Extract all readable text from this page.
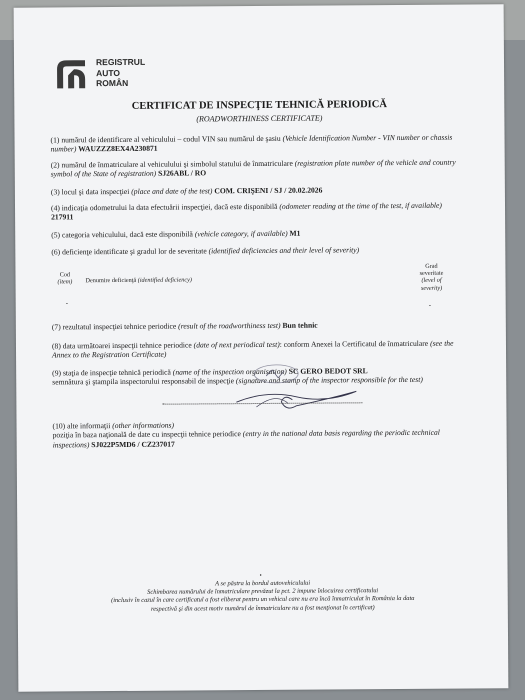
REGISTRUL
AUTO
ROMÂN
CERTIFICAT DE INSPECŢIE TEHNICĂ PERIODICĂ
(ROADWORTHINESS CERTIFICATE)
(1) numărul de identificare al vehiculului – codul VIN sau numărul de şasiu (Vehicle Identification Number - VIN number or chassis number) WAUZZZ8EX4A230871
(2) numărul de înmatriculare al vehiculului şi simbolul statului de înmatriculare (registration plate number of the vehicle and country symbol of the State of registration) SJ26ABL / RO
(3) locul şi data inspecţiei (place and date of the test) COM. CRIŞENI / SJ / 20.02.2026
(4) indicaţia odometrului la data efectuării inspecţiei, dacă este disponibilă (odometer reading at the time of the test, if available) 217911
(5) categoria vehiculului, dacă este disponibilă (vehicle category, if available) M1
(6) deficienţe identificate şi gradul lor de severitate (identified deficiencies and their level of severity)
Cod
(item) Denumire deficienţă (identified deficiency)
Grad
severitate
(level of
severity)
-	-
(7) rezultatul inspecţiei tehnice periodice (result of the roadworthiness test) Bun tehnic
(8) data următoarei inspecţii tehnice periodice (date of next periodical test): conform Anexei la Certificatul de înmatriculare (see the Annex to the Registration Certificate)
(9) staţia de inspecţie tehnică periodică (name of the inspection organisation) SC GERO BEDOT SRL
semnătura şi ştampila inspectorului responsabil de inspecţie (signature and stamp of the inspector responsible for the test)
(10) alte informaţii (other informations)
poziţia în baza naţională de date cu inspecţii tehnice periodice (entry in the national data basis regarding the periodic technical inspections) SJ022P5MD6 / CZ237017
•
A se păstra la bordul autovehiculului
Schimbarea numărului de înmatriculare prevăzut la pct. 2 impune înlocuirea certificatului
(inclusiv în cazul în care certificatul a fost eliberat pentru un vehicul care nu era încă înmatriculat în România la data
respectivă şi din acest motiv numărul de înmatriculare nu a fost menţionat în certificat)
